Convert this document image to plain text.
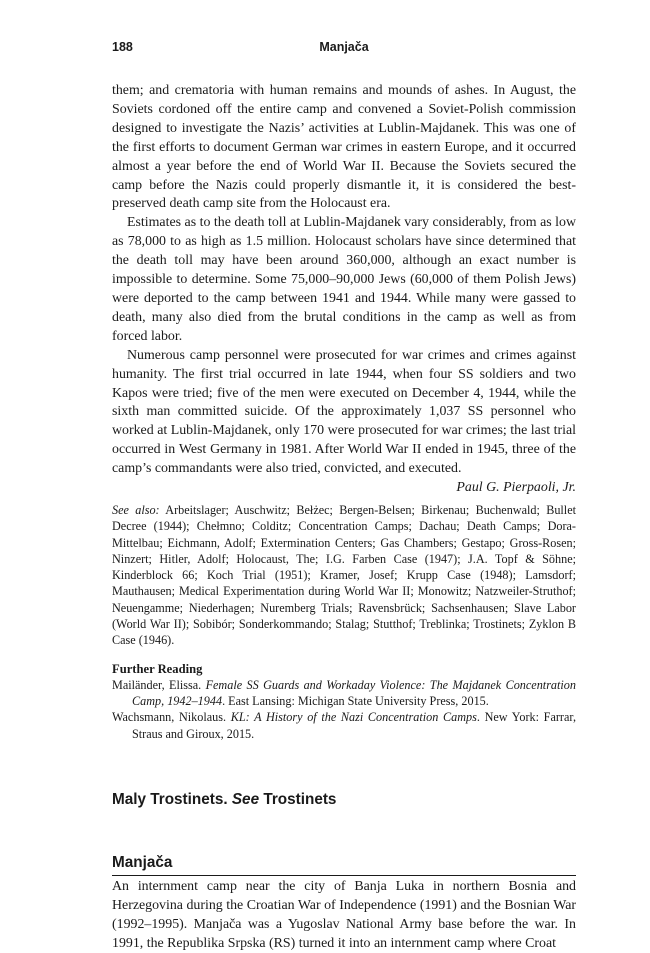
188	Manjača

them; and crematoria with human remains and mounds of ashes. In August, the Soviets cordoned off the entire camp and convened a Soviet-Polish commission designed to investigate the Nazis’ activities at Lublin-Majdanek. This was one of the first efforts to document German war crimes in eastern Europe, and it occurred almost a year before the end of World War II. Because the Soviets secured the camp before the Nazis could properly dismantle it, it is considered the best-preserved death camp site from the Holocaust era.

Estimates as to the death toll at Lublin-Majdanek vary considerably, from as low as 78,000 to as high as 1.5 million. Holocaust scholars have since determined that the death toll may have been around 360,000, although an exact number is impossible to determine. Some 75,000–90,000 Jews (60,000 of them Polish Jews) were deported to the camp between 1941 and 1944. While many were gassed to death, many also died from the brutal conditions in the camp as well as from forced labor.

Numerous camp personnel were prosecuted for war crimes and crimes against humanity. The first trial occurred in late 1944, when four SS soldiers and two Kapos were tried; five of the men were executed on December 4, 1944, while the sixth man committed suicide. Of the approximately 1,037 SS personnel who worked at Lublin-Majdanek, only 170 were prosecuted for war crimes; the last trial occurred in West Germany in 1981. After World War II ended in 1945, three of the camp’s commandants were also tried, convicted, and executed.

Paul G. Pierpaoli, Jr.
See also: Arbeitslager; Auschwitz; Bełżec; Bergen-Belsen; Birkenau; Buchenwald; Bullet Decree (1944); Chełmno; Colditz; Concentration Camps; Dachau; Death Camps; Dora-Mittelbau; Eichmann, Adolf; Extermination Centers; Gas Chambers; Gestapo; Gross-Rosen; Ninzert; Hitler, Adolf; Holocaust, The; I.G. Farben Case (1947); J.A. Topf & Söhne; Kinderblock 66; Koch Trial (1951); Kramer, Josef; Krupp Case (1948); Lamsdorf; Mauthausen; Medical Experimentation during World War II; Monowitz; Natzweiler-Struthof; Neuengamme; Niederhagen; Nuremberg Trials; Ravensbrück; Sachsenhausen; Slave Labor (World War II); Sobibór; Sonderkommando; Stalag; Stutthof; Treblinka; Trostinets; Zyklon B Case (1946).
Further Reading
Mailänder, Elissa. Female SS Guards and Workaday Violence: The Majdanek Concentration Camp, 1942–1944. East Lansing: Michigan State University Press, 2015.
Wachsmann, Nikolaus. KL: A History of the Nazi Concentration Camps. New York: Farrar, Straus and Giroux, 2015.
Maly Trostinets. See Trostinets
Manjača

An internment camp near the city of Banja Luka in northern Bosnia and Herzegovina during the Croatian War of Independence (1991) and the Bosnian War (1992–1995). Manjača was a Yugoslav National Army base before the war. In 1991, the Republika Srpska (RS) turned it into an internment camp where Croat
